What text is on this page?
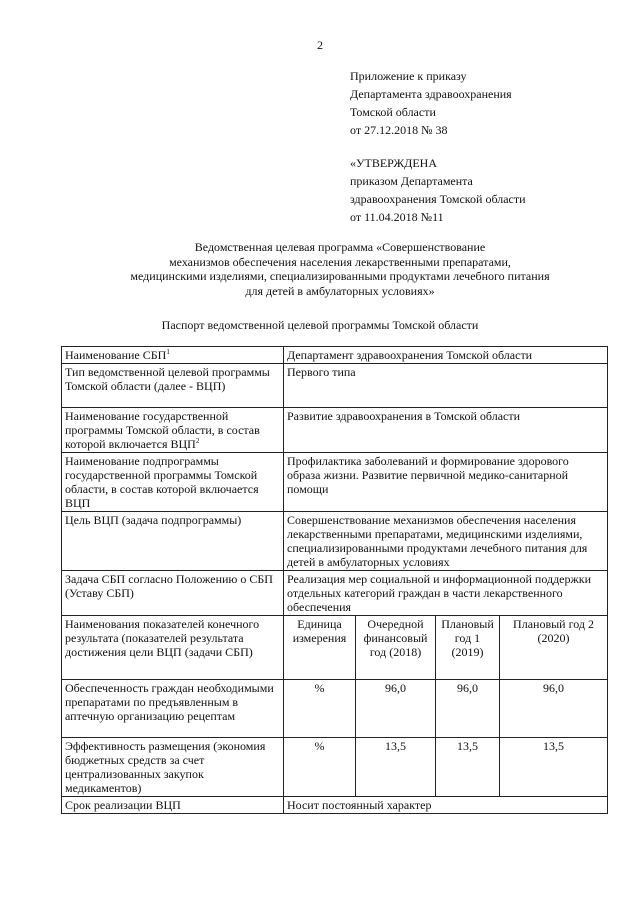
2
Приложение к приказу
Департамента здравоохранения
Томской области
от 27.12.2018 № 38
«УТВЕРЖДЕНА
приказом Департамента
здравоохранения Томской области
от 11.04.2018 №11
Ведомственная целевая программа «Совершенствование
механизмов обеспечения населения лекарственными препаратами,
медицинскими изделиями, специализированными продуктами лечебного питания
для детей в амбулаторных условиях»
Паспорт ведомственной целевой программы Томской области
Наименование СБП$^1$	Департамент здравоохранения Томской области			
Тип ведомственной целевой программы Томской области (далее - ВЦП)	Первого типа			
Наименование государственной программы Томской области, в состав которой включается ВЦП$^2$	Развитие здравоохранения в Томской области			
Наименование подпрограммы государственной программы Томской области, в состав которой включается ВЦП	Профилактика заболеваний и формирование здорового образа жизни. Развитие первичной медико-санитарной помощи			
Цель ВЦП (задача подпрограммы)	Совершенствование механизмов обеспечения населения лекарственными препаратами, медицинскими изделиями, специализированными продуктами лечебного питания для детей в амбулаторных условиях			
Задача СБП согласно Положению о СБП (Уставу СБП)	Реализация мер социальной и информационной поддержки отдельных категорий граждан в части лекарственного обеспечения			
Наименования показателей конечного результата (показателей результата достижения цели ВЦП (задачи СБП)	Единица измерения	Очередной финансовый год (2018)	Плановый год 1 (2019)	Плановый год 2 (2020)
Обеспеченность граждан необходимыми препаратами по предъявленным в аптечную организацию рецептам	%	96,0	96,0	96,0
Эффективность размещения (экономия бюджетных средств за счет централизованных закупок медикаментов)	%	13,5	13,5	13,5
Срок реализации ВЦП	Носит постоянный характер			
